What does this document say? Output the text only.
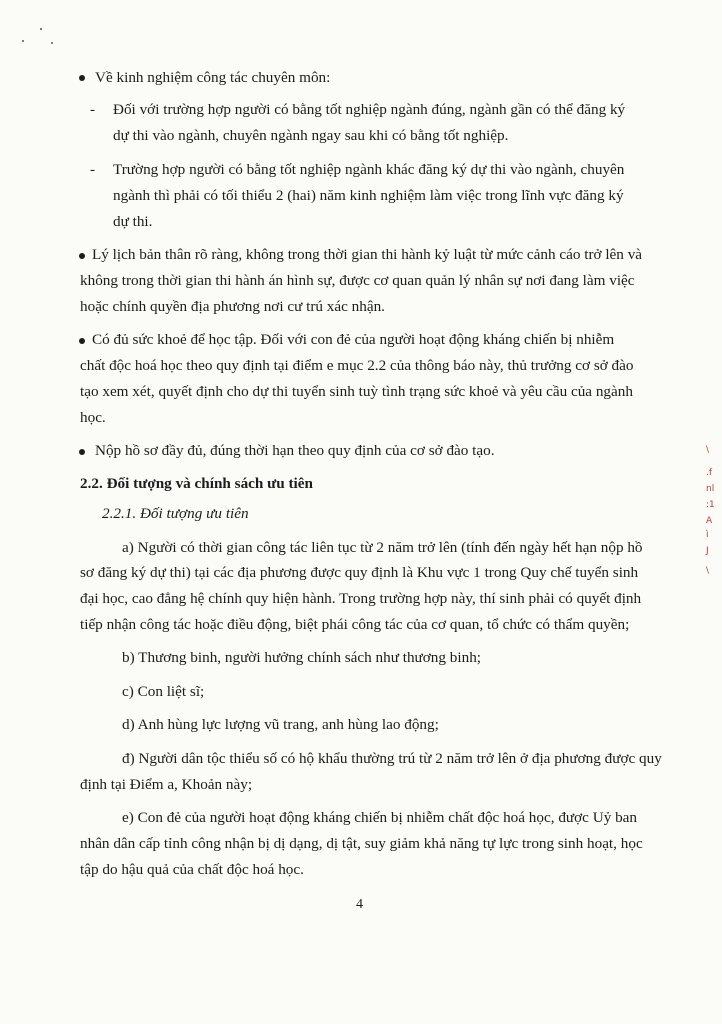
Về kinh nghiệm công tác chuyên môn:
- Đối với trường hợp người có bằng tốt nghiệp ngành đúng, ngành gần có thể đăng ký
dự thi vào ngành, chuyên ngành ngay sau khi có bằng tốt nghiệp.
- Trường hợp người có bằng tốt nghiệp ngành khác đăng ký dự thi vào ngành, chuyên
ngành thì phải có tối thiểu 2 (hai) năm kinh nghiệm làm việc trong lĩnh vực đăng ký
dự thi.
Lý lịch bản thân rõ ràng, không trong thời gian thi hành kỷ luật từ mức cảnh cáo trở lên và
không trong thời gian thi hành án hình sự, được cơ quan quản lý nhân sự nơi đang làm việc
hoặc chính quyền địa phương nơi cư trú xác nhận.
Có đủ sức khoẻ để học tập. Đối với con đẻ của người hoạt động kháng chiến bị nhiễm
chất độc hoá học theo quy định tại điểm e mục 2.2 của thông báo này, thủ trưởng cơ sở đào
tạo xem xét, quyết định cho dự thi tuyển sinh tuỳ tình trạng sức khoẻ và yêu cầu của ngành
học.
Nộp hồ sơ đầy đủ, đúng thời hạn theo quy định của cơ sở đào tạo.
2.2. Đối tượng và chính sách ưu tiên
2.2.1. Đối tượng ưu tiên
a) Người có thời gian công tác liên tục từ 2 năm trở lên (tính đến ngày hết hạn nộp hồ
sơ đăng ký dự thi) tại các địa phương được quy định là Khu vực 1 trong Quy chế tuyển sinh
đại học, cao đẳng hệ chính quy hiện hành. Trong trường hợp này, thí sinh phải có quyết định
tiếp nhận công tác hoặc điều động, biệt phái công tác của cơ quan, tổ chức có thẩm quyền;
b) Thương binh, người hưởng chính sách như thương binh;
c) Con liệt sĩ;
d) Anh hùng lực lượng vũ trang, anh hùng lao động;
đ) Người dân tộc thiểu số có hộ khẩu thường trú từ 2 năm trở lên ở địa phương được quy
định tại Điểm a, Khoản này;
e) Con đẻ của người hoạt động kháng chiến bị nhiễm chất độc hoá học, được Uỷ ban
nhân dân cấp tỉnh công nhận bị dị dạng, dị tật, suy giảm khả năng tự lực trong sinh hoạt, học
tập do hậu quả của chất độc hoá học.
4
\
.f
nl
:1
A
ì
J
\
